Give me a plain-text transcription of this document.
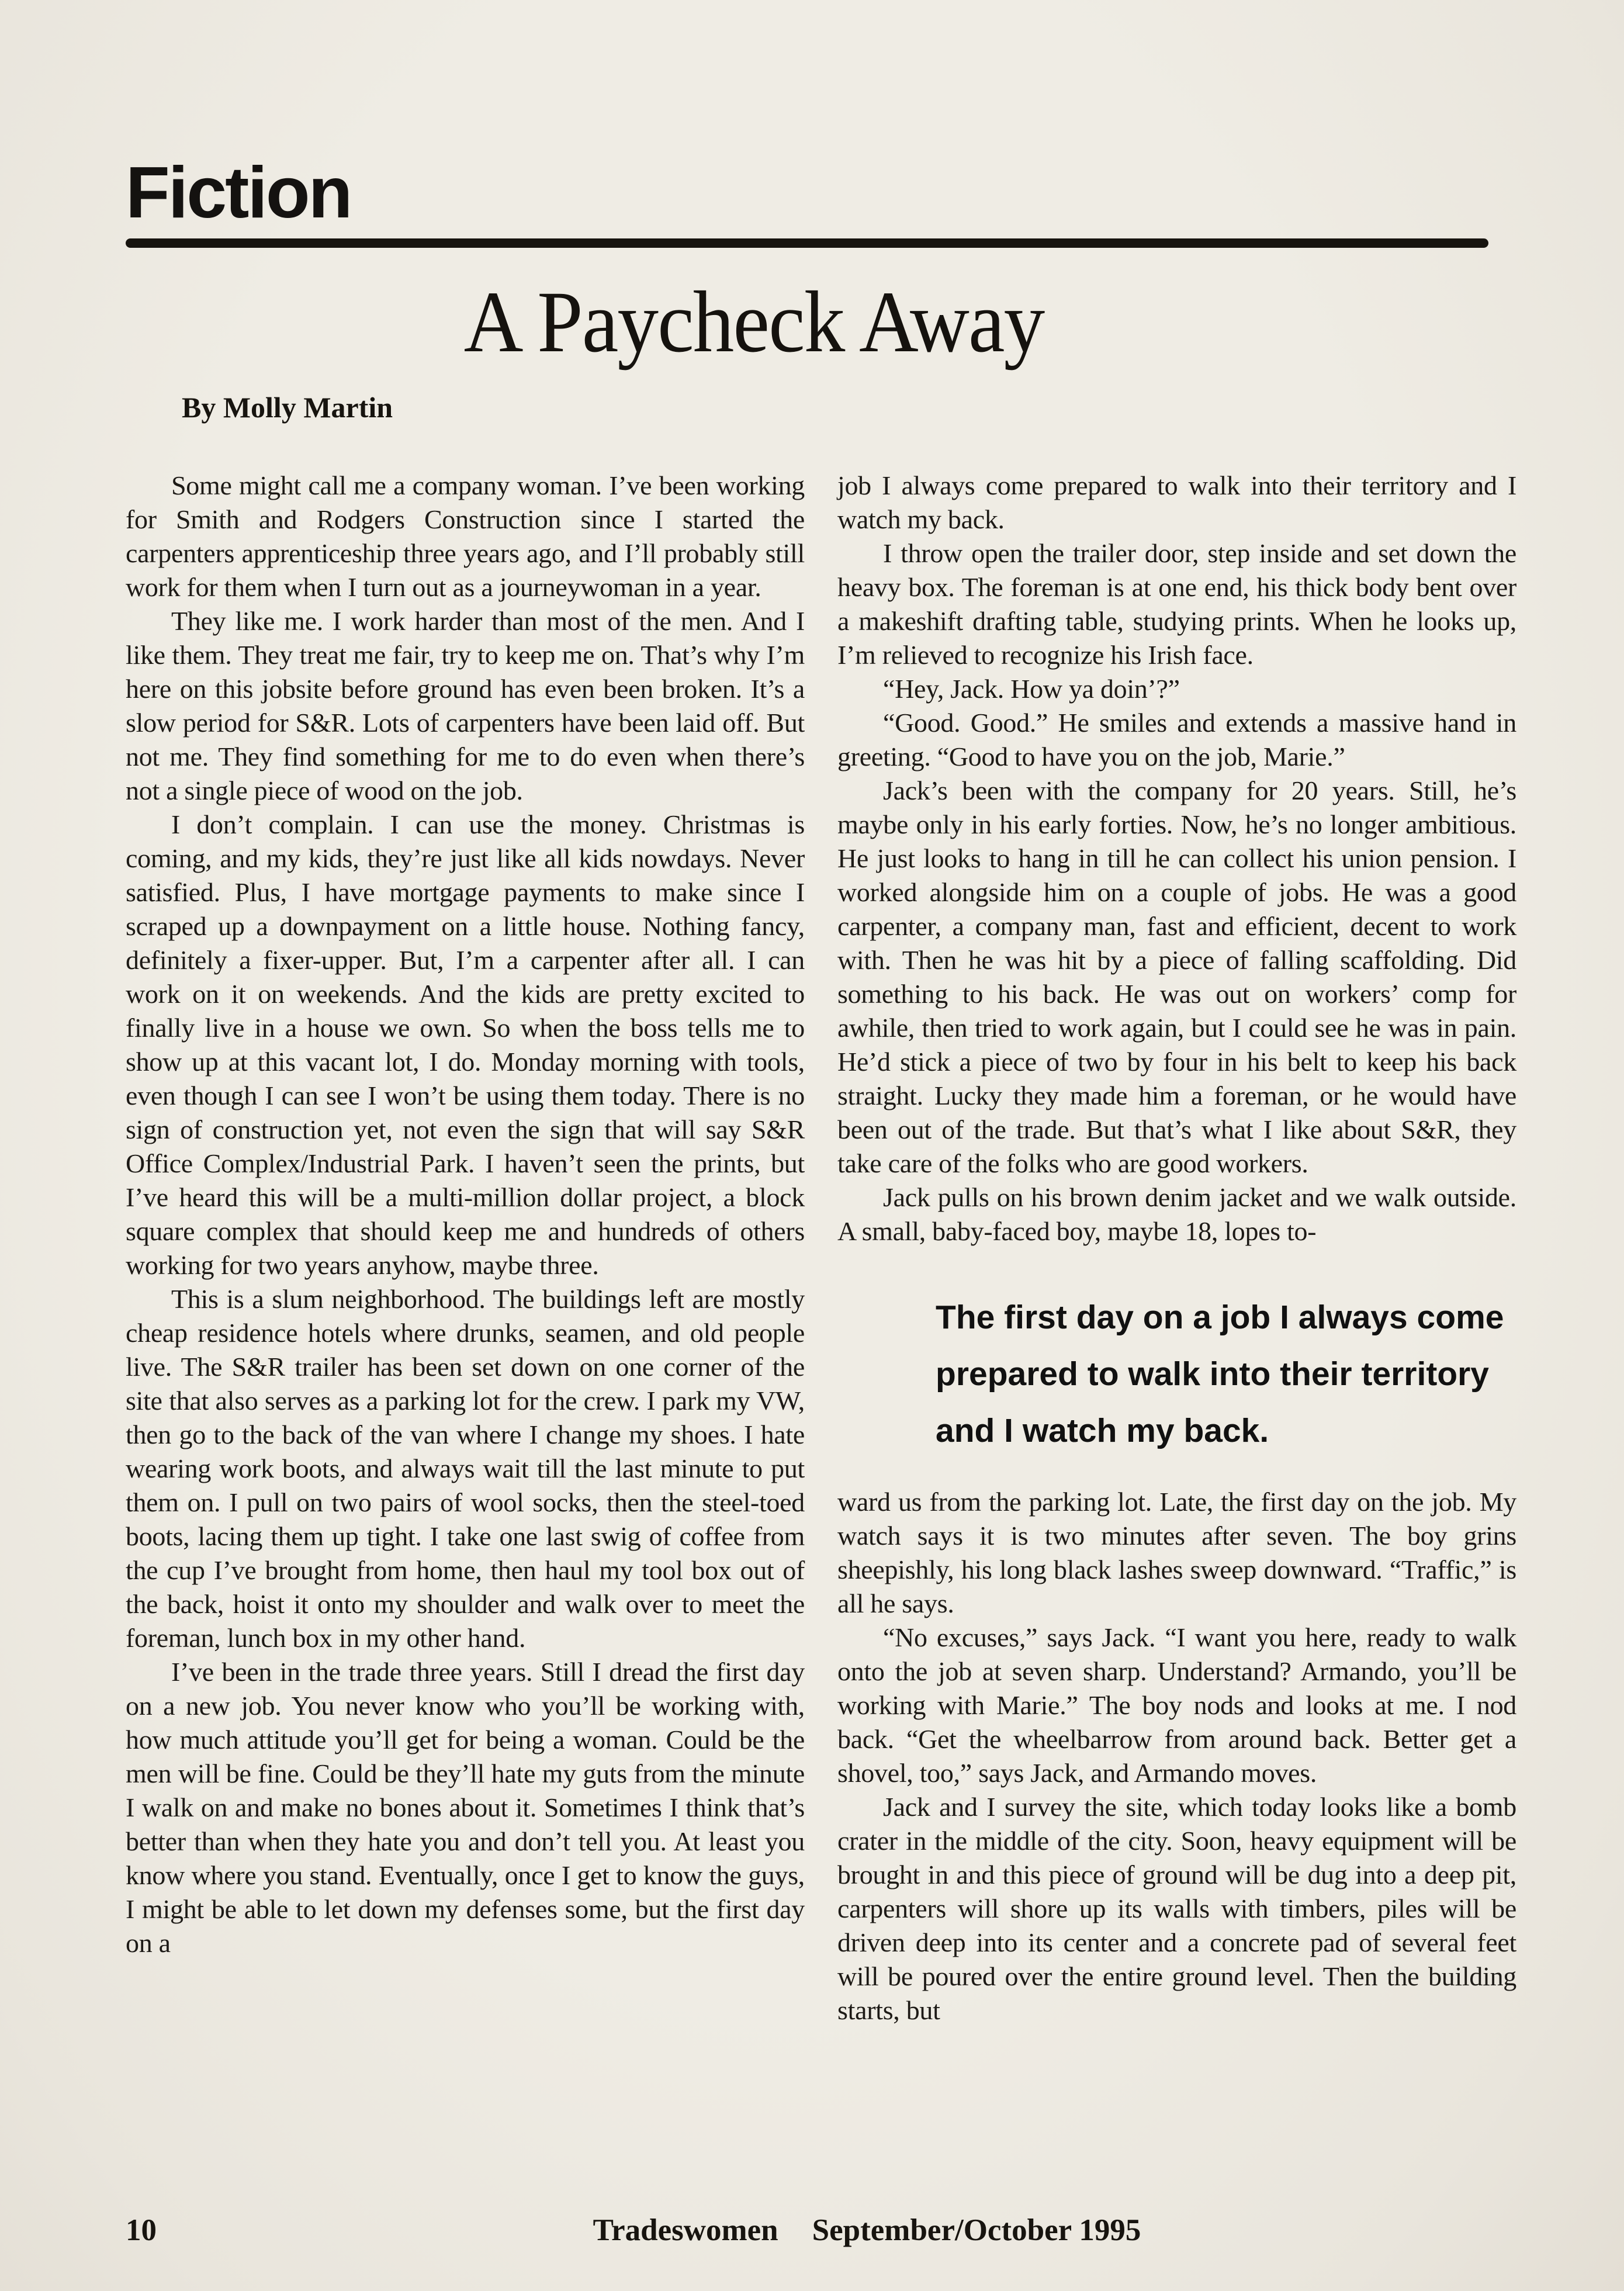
Fiction
A Paycheck Away
By Molly Martin

Some might call me a company woman. I’ve been working for Smith and Rodgers Construction since I started the carpenters apprenticeship three years ago, and I’ll probably still work for them when I turn out as a journeywoman in a year.

They like me. I work harder than most of the men. And I like them. They treat me fair, try to keep me on. That’s why I’m here on this jobsite before ground has even been broken. It’s a slow period for S&R. Lots of carpenters have been laid off. But not me. They find something for me to do even when there’s not a single piece of wood on the job.

I don’t complain. I can use the money. Christmas is coming, and my kids, they’re just like all kids nowdays. Never satisfied. Plus, I have mortgage payments to make since I scraped up a downpayment on a little house. Nothing fancy, definitely a fixer-upper. But, I’m a carpenter after all. I can work on it on weekends. And the kids are pretty excited to finally live in a house we own. So when the boss tells me to show up at this vacant lot, I do. Monday morning with tools, even though I can see I won’t be using them today. There is no sign of construction yet, not even the sign that will say S&R Office Complex/Industrial Park. I haven’t seen the prints, but I’ve heard this will be a multi-million dollar project, a block square complex that should keep me and hundreds of others working for two years anyhow, maybe three.

This is a slum neighborhood. The buildings left are mostly cheap residence hotels where drunks, seamen, and old people live. The S&R trailer has been set down on one corner of the site that also serves as a parking lot for the crew. I park my VW, then go to the back of the van where I change my shoes. I hate wearing work boots, and always wait till the last minute to put them on. I pull on two pairs of wool socks, then the steel-toed boots, lacing them up tight. I take one last swig of coffee from the cup I’ve brought from home, then haul my tool box out of the back, hoist it onto my shoulder and walk over to meet the foreman, lunch box in my other hand.

I’ve been in the trade three years. Still I dread the first day on a new job. You never know who you’ll be working with, how much attitude you’ll get for being a woman. Could be the men will be fine. Could be they’ll hate my guts from the minute I walk on and make no bones about it. Sometimes I think that’s better than when they hate you and don’t tell you. At least you know where you stand. Eventually, once I get to know the guys, I might be able to let down my defenses some, but the first day on a

job I always come prepared to walk into their territory and I watch my back.

I throw open the trailer door, step inside and set down the heavy box. The foreman is at one end, his thick body bent over a makeshift drafting table, studying prints. When he looks up, I’m relieved to recognize his Irish face.

“Hey, Jack. How ya doin’?”

“Good. Good.” He smiles and extends a massive hand in greeting. “Good to have you on the job, Marie.”

Jack’s been with the company for 20 years. Still, he’s maybe only in his early forties. Now, he’s no longer ambitious. He just looks to hang in till he can collect his union pension. I worked alongside him on a couple of jobs. He was a good carpenter, a company man, fast and efficient, decent to work with. Then he was hit by a piece of falling scaffolding. Did something to his back. He was out on workers’ comp for awhile, then tried to work again, but I could see he was in pain. He’d stick a piece of two by four in his belt to keep his back straight. Lucky they made him a foreman, or he would have been out of the trade. But that’s what I like about S&R, they take care of the folks who are good workers.

Jack pulls on his brown denim jacket and we walk outside. A small, baby-faced boy, maybe 18, lopes to-

The first day on a job I always come prepared to walk into their territory and I watch my back.

ward us from the parking lot. Late, the first day on the job. My watch says it is two minutes after seven. The boy grins sheepishly, his long black lashes sweep downward. “Traffic,” is all he says.

“No excuses,” says Jack. “I want you here, ready to walk onto the job at seven sharp. Understand? Armando, you’ll be working with Marie.” The boy nods and looks at me. I nod back. “Get the wheelbarrow from around back. Better get a shovel, too,” says Jack, and Armando moves.

Jack and I survey the site, which today looks like a bomb crater in the middle of the city. Soon, heavy equipment will be brought in and this piece of ground will be dug into a deep pit, carpenters will shore up its walls with timbers, piles will be driven deep into its center and a concrete pad of several feet will be poured over the entire ground level. Then the building starts, but

10	Tradeswomen September/October 1995
